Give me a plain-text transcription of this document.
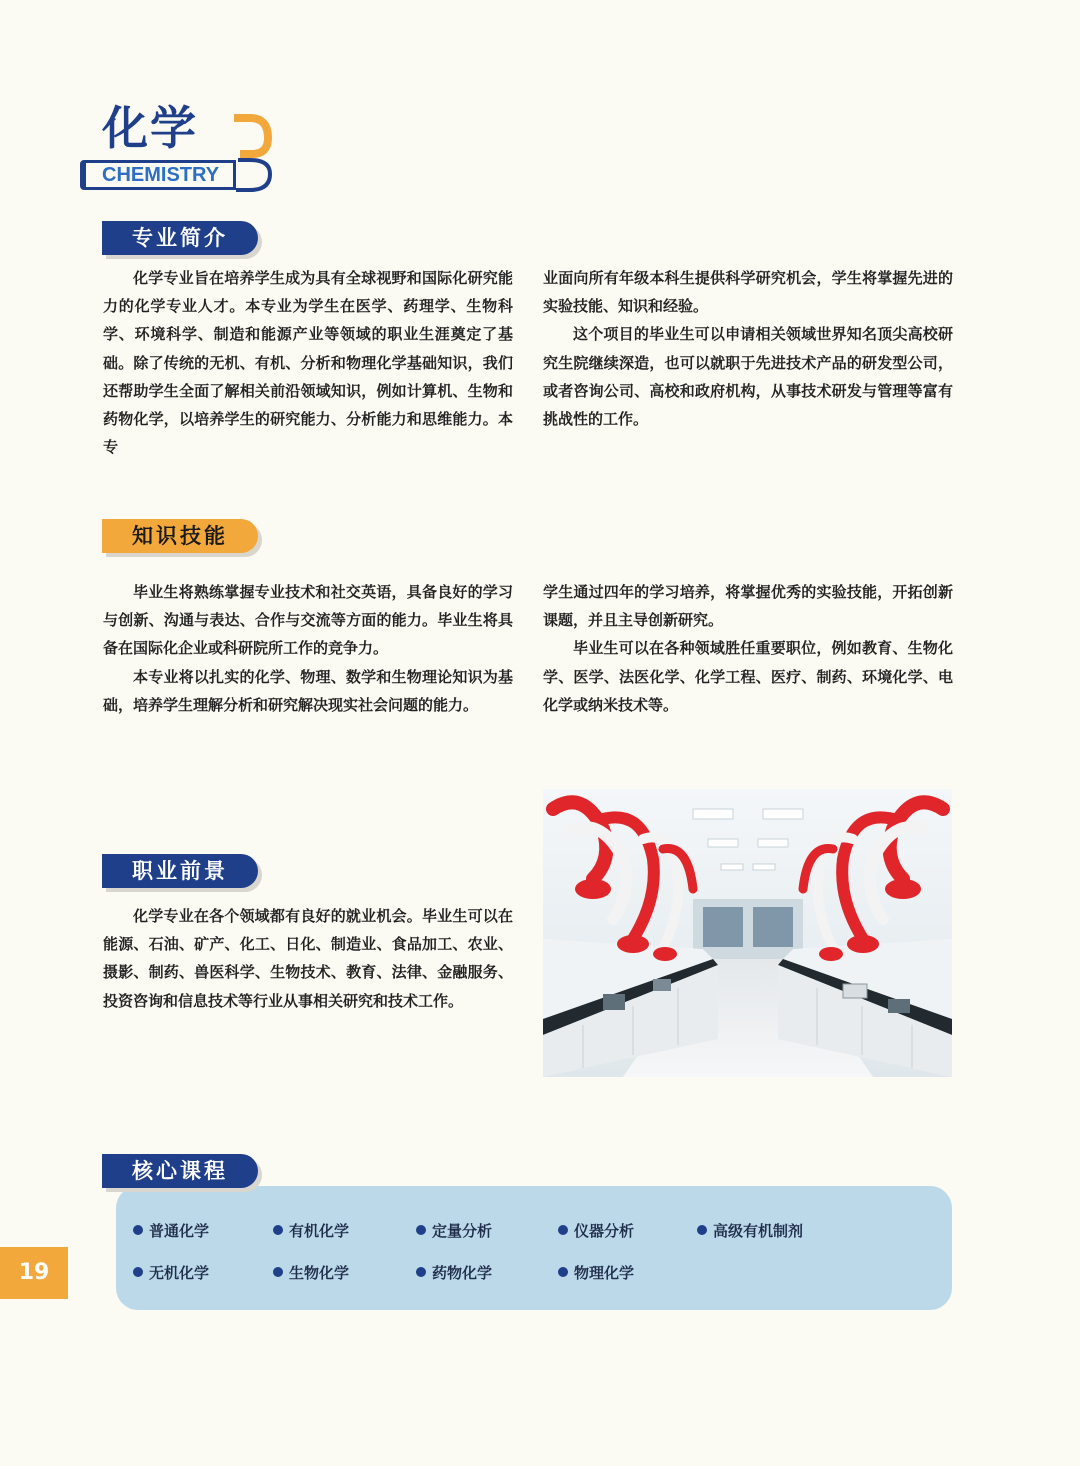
化学
CHEMISTRY
专业简介

化学专业旨在培养学生成为具有全球视野和国际化研究能力的化学专业人才。本专业为学生在医学、药理学、生物科学、环境科学、制造和能源产业等领域的职业生涯奠定了基础。除了传统的无机、有机、分析和物理化学基础知识，我们还帮助学生全面了解相关前沿领域知识，例如计算机、生物和药物化学，以培养学生的研究能力、分析能力和思维能力。本专

业面向所有年级本科生提供科学研究机会，学生将掌握先进的实验技能、知识和经验。

这个项目的毕业生可以申请相关领域世界知名顶尖高校研究生院继续深造，也可以就职于先进技术产品的研发型公司，或者咨询公司、高校和政府机构，从事技术研发与管理等富有挑战性的工作。

知识技能

毕业生将熟练掌握专业技术和社交英语，具备良好的学习与创新、沟通与表达、合作与交流等方面的能力。毕业生将具备在国际化企业或科研院所工作的竞争力。

本专业将以扎实的化学、物理、数学和生物理论知识为基础，培养学生理解分析和研究解决现实社会问题的能力。

学生通过四年的学习培养，将掌握优秀的实验技能，开拓创新课题，并且主导创新研究。

毕业生可以在各种领域胜任重要职位，例如教育、生物化学、医学、法医化学、化学工程、医疗、制药、环境化学、电化学或纳米技术等。

职业前景

化学专业在各个领域都有良好的就业机会。毕业生可以在能源、石油、矿产、化工、日化、制造业、食品加工、农业、摄影、制药、兽医科学、生物技术、教育、法律、金融服务、投资咨询和信息技术等行业从事相关研究和技术工作。

核心课程
普通化学	有机化学	定量分析	仪器分析	高级有机制剂
无机化学	生物化学	药物化学	物理化学
19
